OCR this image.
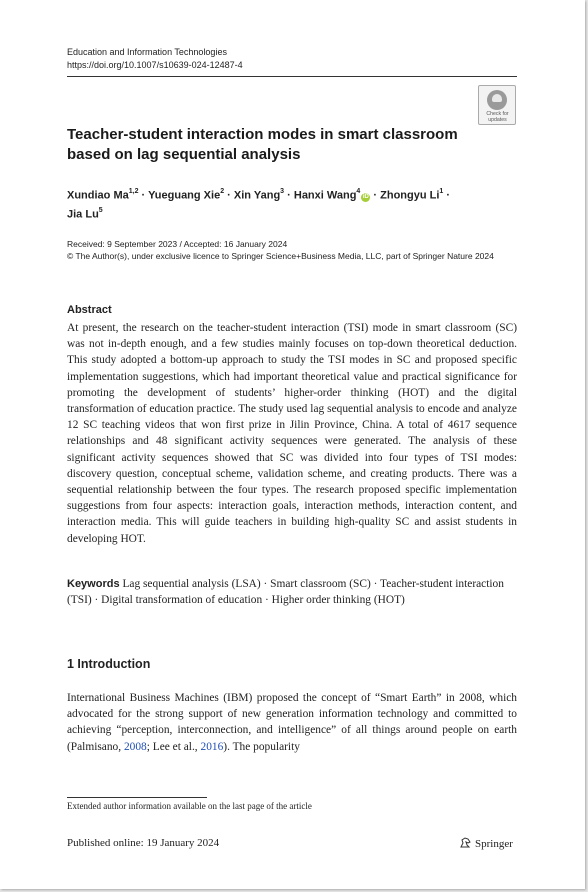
Education and Information Technologies
https://doi.org/10.1007/s10639-024-12487-4
Check for updates
Teacher-student interaction modes in smart classroom based on lag sequential analysis
Xundiao Ma$^{1,2}$ · Yueguang Xie$^2$ · Xin Yang$^3$ · Hanxi Wang$^4$iD · Zhongyu $Li^1$ ·
Jia Lu$^5$
Received: 9 September 2023 / Accepted: 16 January 2024
© The Author(s), under exclusive licence to Springer Science+Business Media, LLC, part of Springer Nature 2024
Abstract
At present, the research on the teacher-student interaction (TSI) mode in smart classroom (SC) was not in-depth enough, and a few studies mainly focuses on top-down theoretical deduction. This study adopted a bottom-up approach to study the TSI modes in SC and proposed specific implementation suggestions, which had important theoretical value and practical significance for promoting the development of students’ higher-order thinking (HOT) and the digital transformation of education practice. The study used lag sequential analysis to encode and analyze 12 SC teaching videos that won first prize in Jilin Province, China. A total of 4617 sequence relationships and 48 significant activity sequences were generated. The analysis of these significant activity sequences showed that SC was divided into four types of TSI modes: discovery question, conceptual scheme, validation scheme, and creating products. There was a sequential relationship between the four types. The research proposed specific implementation suggestions from four aspects: interaction goals, interaction methods, interaction content, and interaction media. This will guide teachers in building high-quality SC and assist students in developing HOT.
Keywords Lag sequential analysis (LSA) · Smart classroom (SC) · Teacher-student interaction (TSI) · Digital transformation of education · Higher order thinking (HOT)
1 Introduction
International Business Machines (IBM) proposed the concept of “Smart Earth” in 2008, which advocated for the strong support of new generation information technology and committed to achieving “perception, interconnection, and intelligence” of all things around people on earth (Palmisano, 2008; Lee et al., 2016). The popularity
Extended author information available on the last page of the article
Published online: 19 January 2024	Springer
